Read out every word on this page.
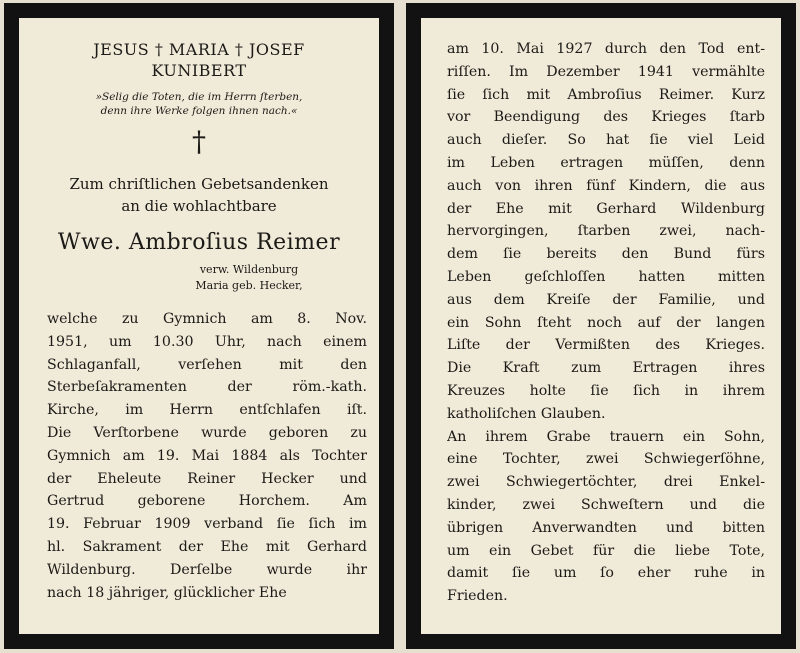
JESUS † MARIA † JOSEF
KUNIBERT
»Selig die Toten, die im Herrn ſterben,
denn ihre Werke folgen ihnen nach.«
†
Zum chriſtlichen Gebetsandenken
an die wohlachtbare
Wwe. Ambroſius Reimer
verw. Wildenburg
Maria geb. Hecker,
welche zu Gymnich am 8. Nov.
1951, um 10.30 Uhr, nach einem
Schlaganfall, verſehen mit den
Sterbeſakramenten der röm.-kath.
Kirche, im Herrn entſchlafen iſt.
Die Verſtorbene wurde geboren zu
Gymnich am 19. Mai 1884 als Tochter
der Eheleute Reiner Hecker und
Gertrud geborene Horchem. Am
19. Februar 1909 verband ſie ſich im
hl. Sakrament der Ehe mit Gerhard
Wildenburg. Derſelbe wurde ihr
nach 18 jähriger, glücklicher Ehe
am 10. Mai 1927 durch den Tod ent-
riſſen. Im Dezember 1941 vermählte
ſie ſich mit Ambroſius Reimer. Kurz
vor Beendigung des Krieges ſtarb
auch dieſer. So hat ſie viel Leid
im Leben ertragen müſſen, denn
auch von ihren fünf Kindern, die aus
der Ehe mit Gerhard Wildenburg
hervorgingen, ſtarben zwei, nach-
dem ſie bereits den Bund fürs
Leben geſchloſſen hatten mitten
aus dem Kreiſe der Familie, und
ein Sohn ſteht noch auf der langen
Liſte der Vermißten des Krieges.
Die Kraft zum Ertragen ihres
Kreuzes holte ſie ſich in ihrem
katholiſchen Glauben.
An ihrem Grabe trauern ein Sohn,
eine Tochter, zwei Schwiegerſöhne,
zwei Schwiegertöchter, drei Enkel-
kinder, zwei Schweſtern und die
übrigen Anverwandten und bitten
um ein Gebet für die liebe Tote,
damit ſie um ſo eher ruhe in
Frieden.
